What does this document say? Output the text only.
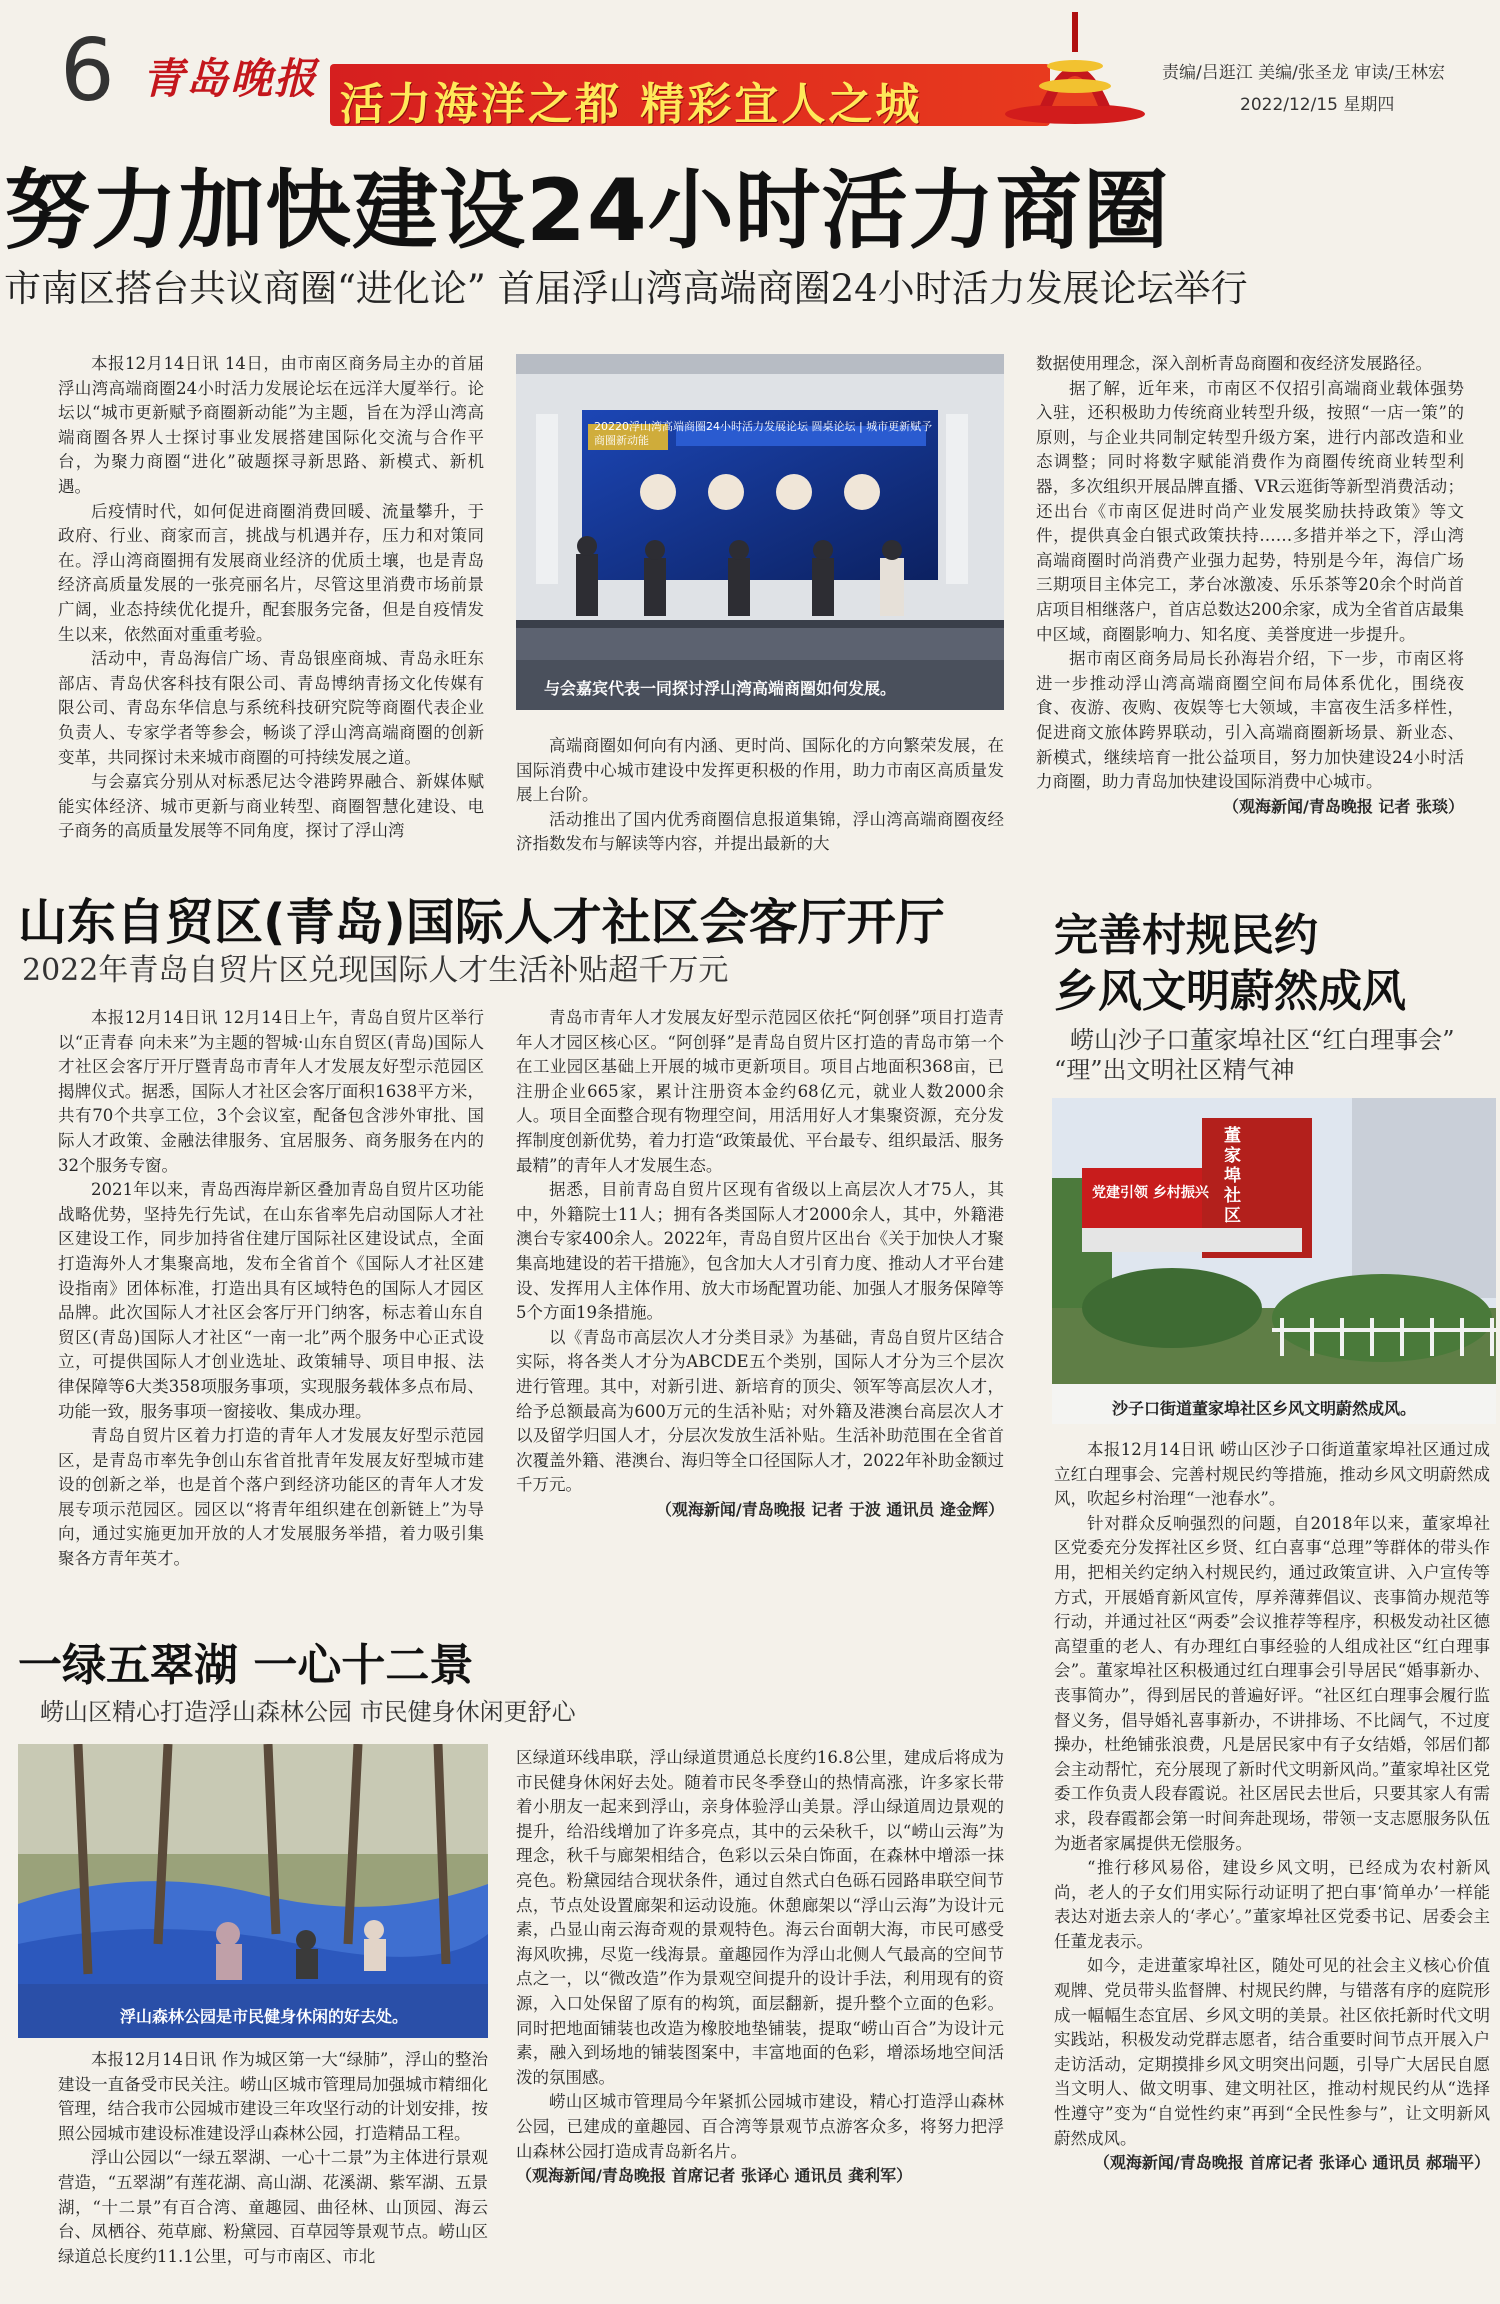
6 青岛晚报
活力海洋之都 精彩宜人之城
责编/吕逛江 美编/张圣龙 审读/王林宏
2022/12/15 星期四
努力加快建设24小时活力商圈
市南区搭台共议商圈“进化论” 首届浮山湾高端商圈24小时活力发展论坛举行

本报12月14日讯 14日，由市南区商务局主办的首届浮山湾高端商圈24小时活力发展论坛在远洋大厦举行。论坛以“城市更新赋予商圈新动能”为主题，旨在为浮山湾高端商圈各界人士探讨事业发展搭建国际化交流与合作平台，为聚力商圈“进化”破题探寻新思路、新模式、新机遇。

后疫情时代，如何促进商圈消费回暖、流量攀升，于政府、行业、商家而言，挑战与机遇并存，压力和对策同在。浮山湾商圈拥有发展商业经济的优质土壤，也是青岛经济高质量发展的一张亮丽名片，尽管这里消费市场前景广阔，业态持续优化提升，配套服务完备，但是自疫情发生以来，依然面对重重考验。

活动中，青岛海信广场、青岛银座商城、青岛永旺东部店、青岛伏客科技有限公司、青岛博纳青扬文化传媒有限公司、青岛东华信息与系统科技研究院等商圈代表企业负责人、专家学者等参会，畅谈了浮山湾高端商圈的创新变革，共同探讨未来城市商圈的可持续发展之道。

与会嘉宾分别从对标悉尼达令港跨界融合、新媒体赋能实体经济、城市更新与商业转型、商圈智慧化建设、电子商务的高质量发展等不同角度，探讨了浮山湾

20220浮山湾高端商圈24小时活力发展论坛 圆桌论坛 | 城市更新赋予商圈新动能
与会嘉宾代表一同探讨浮山湾高端商圈如何发展。

高端商圈如何向有内涵、更时尚、国际化的方向繁荣发展，在国际消费中心城市建设中发挥更积极的作用，助力市南区高质量发展上台阶。

活动推出了国内优秀商圈信息报道集锦，浮山湾高端商圈夜经济指数发布与解读等内容，并提出最新的大

数据使用理念，深入剖析青岛商圈和夜经济发展路径。

据了解，近年来，市南区不仅招引高端商业载体强势入驻，还积极助力传统商业转型升级，按照“一店一策”的原则，与企业共同制定转型升级方案，进行内部改造和业态调整；同时将数字赋能消费作为商圈传统商业转型利器，多次组织开展品牌直播、VR云逛街等新型消费活动；还出台《市南区促进时尚产业发展奖励扶持政策》等文件，提供真金白银式政策扶持……多措并举之下，浮山湾高端商圈时尚消费产业强力起势，特别是今年，海信广场三期项目主体完工，茅台冰激凌、乐乐茶等20余个时尚首店项目相继落户，首店总数达200余家，成为全省首店最集中区域，商圈影响力、知名度、美誉度进一步提升。

据市南区商务局局长孙海岩介绍，下一步，市南区将进一步推动浮山湾高端商圈空间布局体系优化，围绕夜食、夜游、夜购、夜娱等七大领域，丰富夜生活多样性，促进商文旅体跨界联动，引入高端商圈新场景、新业态、新模式，继续培育一批公益项目，努力加快建设24小时活力商圈，助力青岛加快建设国际消费中心城市。

（观海新闻/青岛晚报 记者 张琰）

山东自贸区(青岛)国际人才社区会客厅开厅
2022年青岛自贸片区兑现国际人才生活补贴超千万元

本报12月14日讯 12月14日上午，青岛自贸片区举行以“正青春 向未来”为主题的智城·山东自贸区(青岛)国际人才社区会客厅开厅暨青岛市青年人才发展友好型示范园区揭牌仪式。据悉，国际人才社区会客厅面积1638平方米，共有70个共享工位，3个会议室，配备包含涉外审批、国际人才政策、金融法律服务、宜居服务、商务服务在内的32个服务专窗。

2021年以来，青岛西海岸新区叠加青岛自贸片区功能战略优势，坚持先行先试，在山东省率先启动国际人才社区建设工作，同步加持省住建厅国际社区建设试点，全面打造海外人才集聚高地，发布全省首个《国际人才社区建设指南》团体标准，打造出具有区域特色的国际人才园区品牌。此次国际人才社区会客厅开门纳客，标志着山东自贸区(青岛)国际人才社区“一南一北”两个服务中心正式设立，可提供国际人才创业选址、政策辅导、项目申报、法律保障等6大类358项服务事项，实现服务载体多点布局、功能一致，服务事项一窗接收、集成办理。

青岛自贸片区着力打造的青年人才发展友好型示范园区，是青岛市率先争创山东省首批青年发展友好型城市建设的创新之举，也是首个落户到经济功能区的青年人才发展专项示范园区。园区以“将青年组织建在创新链上”为导向，通过实施更加开放的人才发展服务举措，着力吸引集聚各方青年英才。

青岛市青年人才发展友好型示范园区依托“阿创驿”项目打造青年人才园区核心区。“阿创驿”是青岛自贸片区打造的青岛市第一个在工业园区基础上开展的城市更新项目。项目占地面积368亩，已注册企业665家，累计注册资本金约68亿元，就业人数2000余人。项目全面整合现有物理空间，用活用好人才集聚资源，充分发挥制度创新优势，着力打造“政策最优、平台最专、组织最活、服务最精”的青年人才发展生态。

据悉，目前青岛自贸片区现有省级以上高层次人才75人，其中，外籍院士11人；拥有各类国际人才2000余人，其中，外籍港澳台专家400余人。2022年，青岛自贸片区出台《关于加快人才聚集高地建设的若干措施》，包含加大人才引育力度、推动人才平台建设、发挥用人主体作用、放大市场配置功能、加强人才服务保障等5个方面19条措施。

以《青岛市高层次人才分类目录》为基础，青岛自贸片区结合实际，将各类人才分为ABCDE五个类别，国际人才分为三个层次进行管理。其中，对新引进、新培育的顶尖、领军等高层次人才，给予总额最高为600万元的生活补贴；对外籍及港澳台高层次人才以及留学归国人才，分层次发放生活补贴。生活补助范围在全省首次覆盖外籍、港澳台、海归等全口径国际人才，2022年补助金额过千万元。

（观海新闻/青岛晚报 记者 于波 通讯员 逄金辉）

一绿五翠湖 一心十二景
崂山区精心打造浮山森林公园 市民健身休闲更舒心
浮山森林公园是市民健身休闲的好去处。

本报12月14日讯 作为城区第一大“绿肺”，浮山的整治建设一直备受市民关注。崂山区城市管理局加强城市精细化管理，结合我市公园城市建设三年攻坚行动的计划安排，按照公园城市建设标准建设浮山森林公园，打造精品工程。

浮山公园以“一绿五翠湖、一心十二景”为主体进行景观营造，“五翠湖”有莲花湖、高山湖、花溪湖、紫军湖、五景湖，“十二景”有百合湾、童趣园、曲径林、山顶园、海云台、凤栖谷、苑草廊、粉黛园、百草园等景观节点。崂山区绿道总长度约11.1公里，可与市南区、市北

区绿道环线串联，浮山绿道贯通总长度约16.8公里，建成后将成为市民健身休闲好去处。随着市民冬季登山的热情高涨，许多家长带着小朋友一起来到浮山，亲身体验浮山美景。浮山绿道周边景观的提升，给沿线增加了许多亮点，其中的云朵秋千，以“崂山云海”为理念，秋千与廊架相结合，色彩以云朵白饰面，在森林中增添一抹亮色。粉黛园结合现状条件，通过自然式白色砾石园路串联空间节点，节点处设置廊架和运动设施。休憩廊架以“浮山云海”为设计元素，凸显山南云海奇观的景观特色。海云台面朝大海，市民可感受海风吹拂，尽览一线海景。童趣园作为浮山北侧人气最高的空间节点之一，以“微改造”作为景观空间提升的设计手法，利用现有的资源，入口处保留了原有的构筑，面层翻新，提升整个立面的色彩。同时把地面铺装也改造为橡胶地垫铺装，提取“崂山百合”为设计元素，融入到场地的铺装图案中，丰富地面的色彩，增添场地空间活泼的氛围感。

崂山区城市管理局今年紧抓公园城市建设，精心打造浮山森林公园，已建成的童趣园、百合湾等景观节点游客众多，将努力把浮山森林公园打造成青岛新名片。

（观海新闻/青岛晚报 首席记者 张译心 通讯员 龚利军）

完善村规民约
乡风文明蔚然成风
崂山沙子口董家埠社区“红白理事会”
“理”出文明社区精气神
董家埠社区
党建引领 乡村振兴
沙子口街道董家埠社区乡风文明蔚然成风。

本报12月14日讯 崂山区沙子口街道董家埠社区通过成立红白理事会、完善村规民约等措施，推动乡风文明蔚然成风，吹起乡村治理“一池春水”。

针对群众反响强烈的问题，自2018年以来，董家埠社区党委充分发挥社区乡贤、红白喜事“总理”等群体的带头作用，把相关约定纳入村规民约，通过政策宣讲、入户宣传等方式，开展婚育新风宣传，厚养薄葬倡议、丧事简办规范等行动，并通过社区“两委”会议推荐等程序，积极发动社区德高望重的老人、有办理红白事经验的人组成社区“红白理事会”。董家埠社区积极通过红白理事会引导居民“婚事新办、丧事简办”，得到居民的普遍好评。“社区红白理事会履行监督义务，倡导婚礼喜事新办，不讲排场、不比阔气，不过度操办，杜绝铺张浪费，凡是居民家中有子女结婚，邻居们都会主动帮忙，充分展现了新时代文明新风尚。”董家埠社区党委工作负责人段春霞说。社区居民去世后，只要其家人有需求，段春霞都会第一时间奔赴现场，带领一支志愿服务队伍为逝者家属提供无偿服务。

“推行移风易俗，建设乡风文明，已经成为农村新风尚，老人的子女们用实际行动证明了把白事‘简单办’一样能表达对逝去亲人的‘孝心’。”董家埠社区党委书记、居委会主任董龙表示。

如今，走进董家埠社区，随处可见的社会主义核心价值观牌、党员带头监督牌、村规民约牌，与错落有序的庭院形成一幅幅生态宜居、乡风文明的美景。社区依托新时代文明实践站，积极发动党群志愿者，结合重要时间节点开展入户走访活动，定期摸排乡风文明突出问题，引导广大居民自愿当文明人、做文明事、建文明社区，推动村规民约从“选择性遵守”变为“自觉性约束”再到“全民性参与”，让文明新风蔚然成风。

（观海新闻/青岛晚报 首席记者 张译心 通讯员 郝瑞平）
